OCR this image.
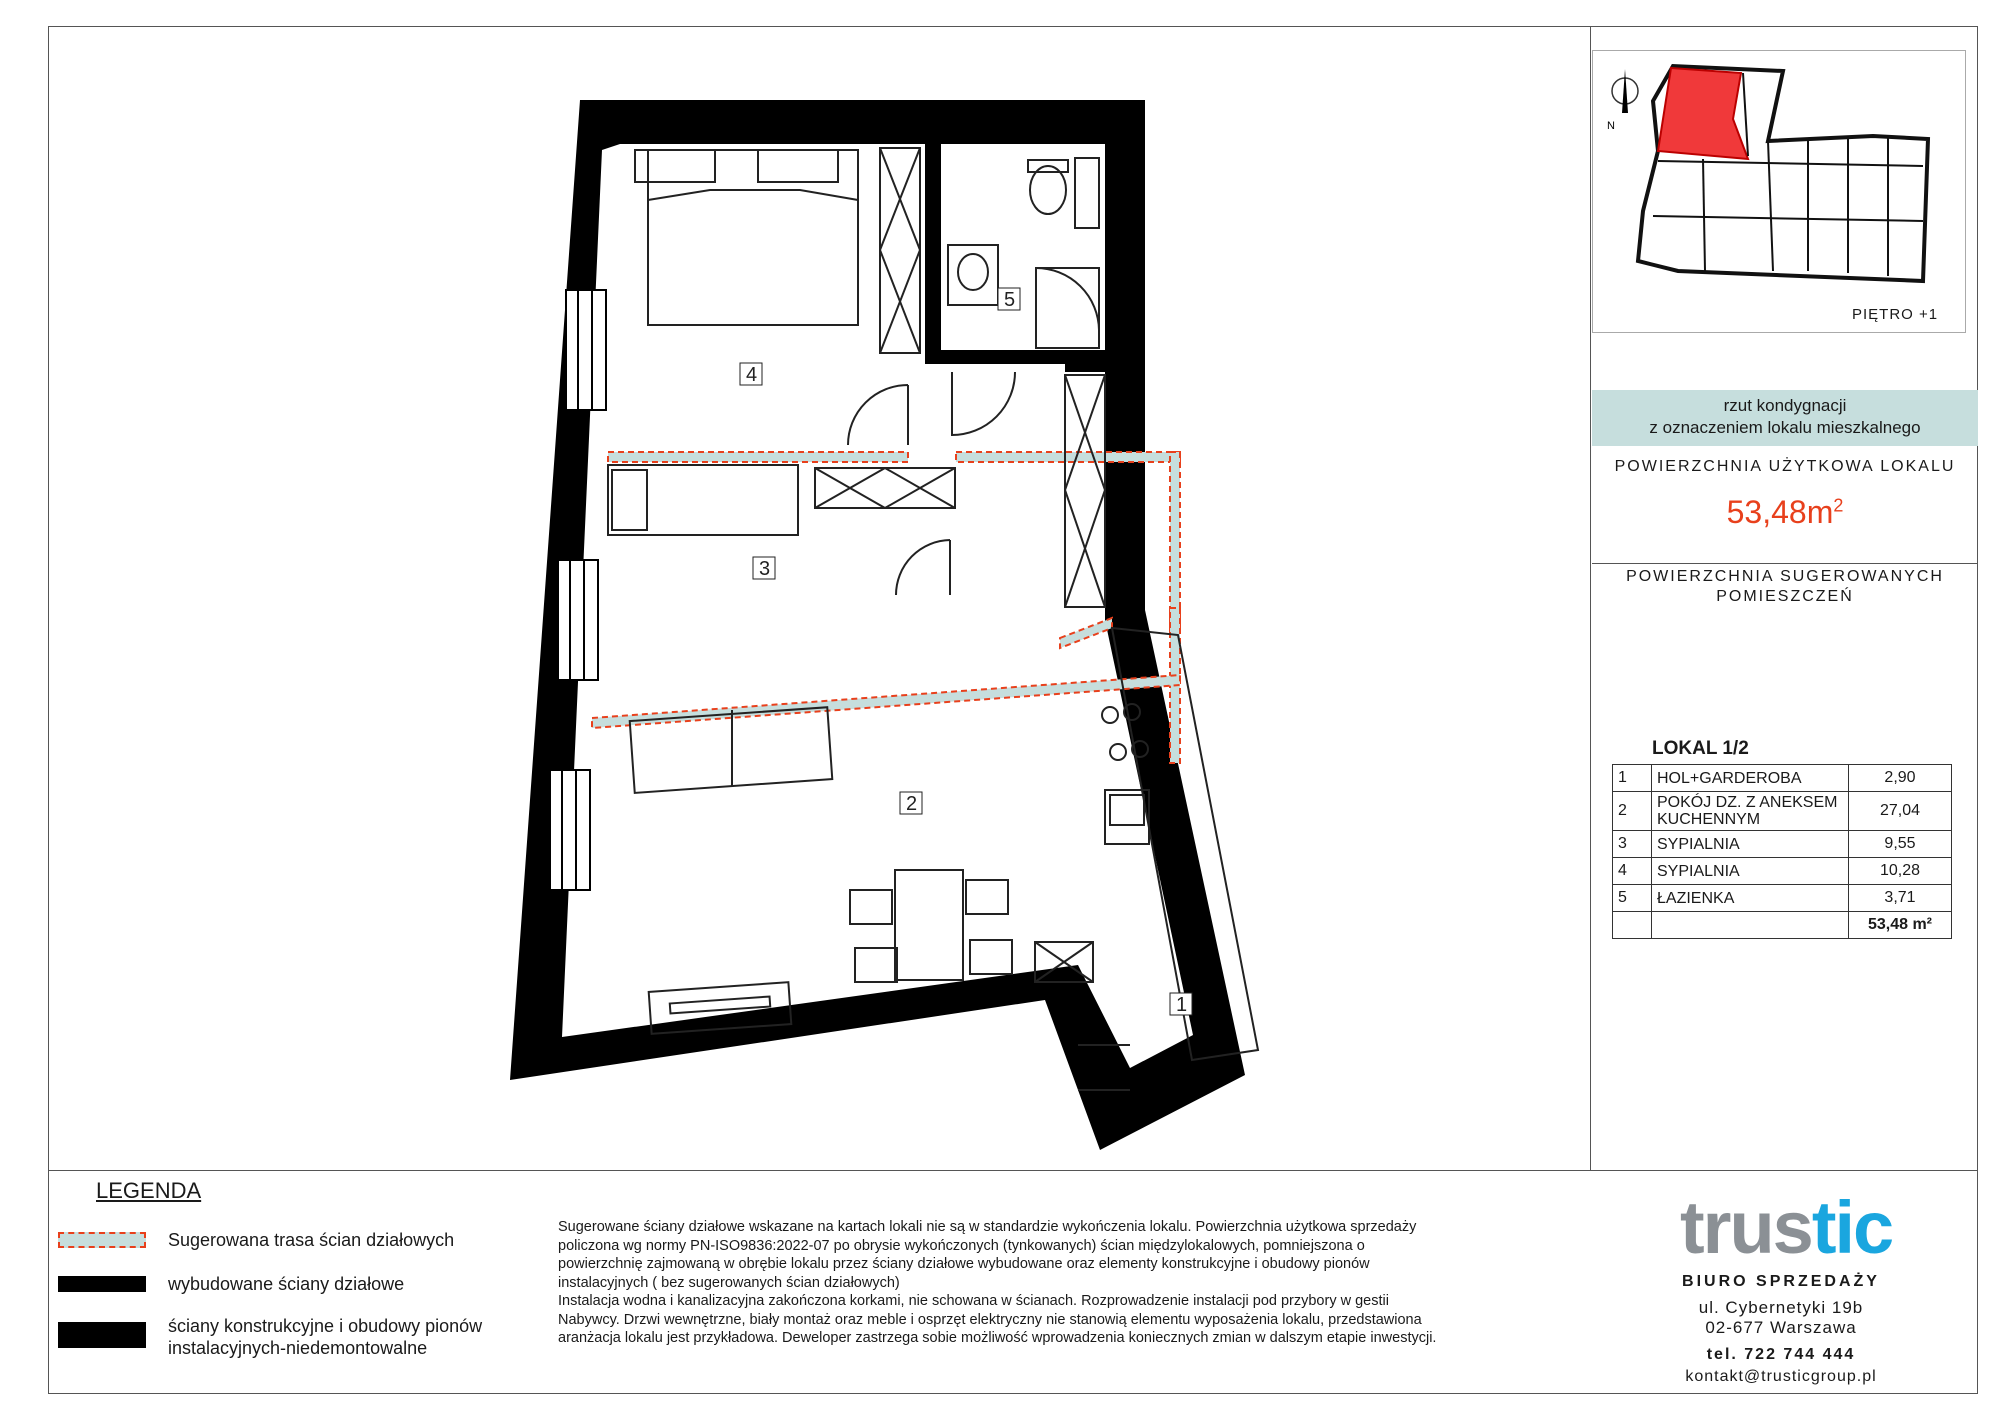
1
2
3
4
5
N
PIĘTRO +1
rzut kondygnacji
z oznaczeniem lokalu mieszkalnego
POWIERZCHNIA UŻYTKOWA LOKALU
$53,48m^2$
POWIERZCHNIA SUGEROWANYCH
POMIESZCZEŃ
LOKAL 1/2
1	HOL+GARDEROBA	2,90
2	POKÓJ DZ. Z ANEKSEM KUCHENNYM	27,04
3	SYPIALNIA	9,55
4	SYPIALNIA	10,28
5	ŁAZIENKA	3,71
		53,48 m²
LEGENDA
Sugerowana trasa ścian działowych
wybudowane ściany działowe
ściany konstrukcyjne i obudowy pionów
instalacyjnych-niedemontowalne
Sugerowane ściany działowe wskazane na kartach lokali nie są w standardzie wykończenia lokalu. Powierzchnia użytkowa sprzedaży
policzona wg normy PN-ISO9836:2022-07 po obrysie wykończonych (tynkowanych) ścian międzylokalowych, pomniejszona o
powierzchnię zajmowaną w obrębie lokalu przez ściany działowe wybudowane oraz elementy konstrukcyjne i obudowy pionów
instalacyjnych ( bez sugerowanych ścian działowych)
Instalacja wodna i kanalizacyjna zakończona korkami, nie schowana w ścianach. Rozprowadzenie instalacji pod przybory w gestii
Nabywcy. Drzwi wewnętrzne, biały montaż oraz meble i osprzęt elektryczny nie stanowią elementu wyposażenia lokalu, przedstawiona
aranżacja lokalu jest przykładowa. Deweloper zastrzega sobie możliwość wprowadzenia koniecznych zmian w dalszym etapie inwestycji.
trustic
BIURO SPRZEDAŻY
ul. Cybernetyki 19b
02-677 Warszawa
tel. 722 744 444
kontakt@trusticgroup.pl
